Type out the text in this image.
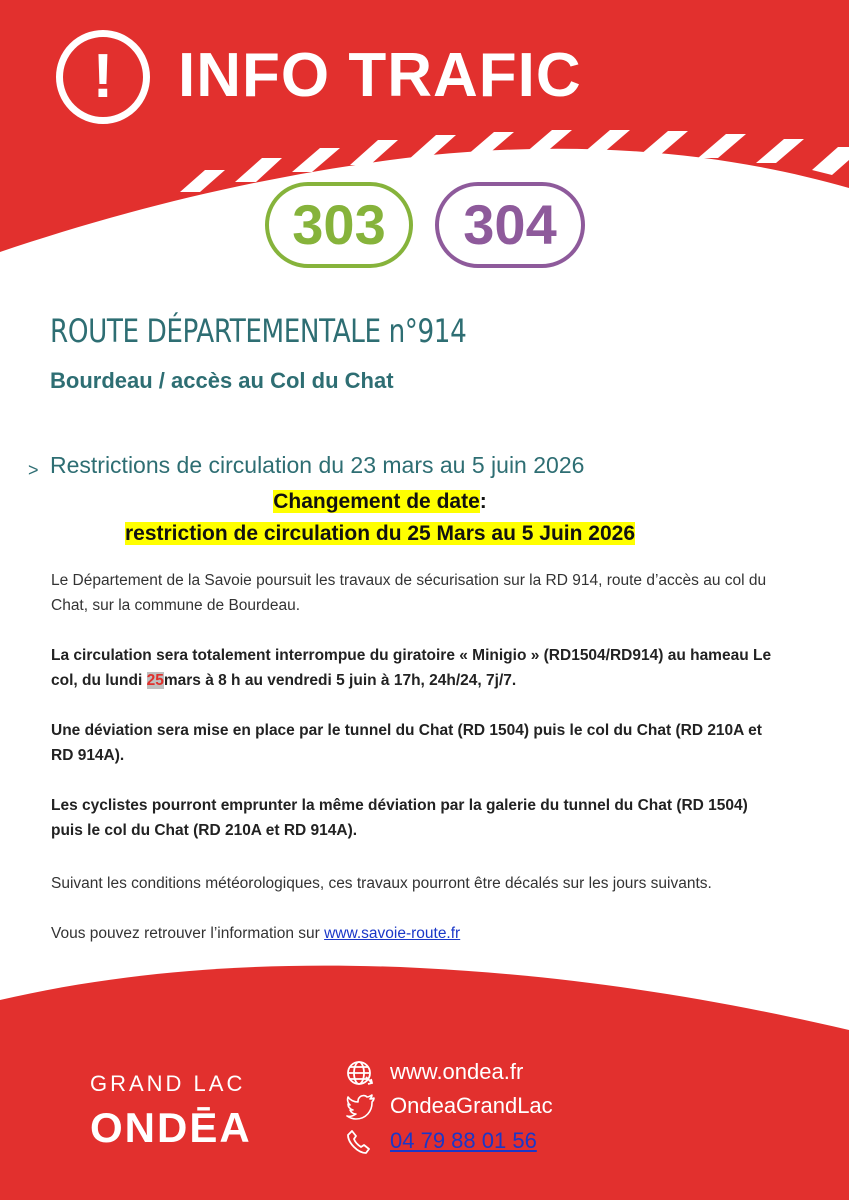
!	INFO TRAFIC
303	304
ROUTE DÉPARTEMENTALE n°914
Bourdeau / accès au Col du Chat
> Restrictions de circulation du 23 mars au 5 juin 2026
Changement de date:
restriction de circulation du 25 Mars au 5 Juin 2026
Le Département de la Savoie poursuit les travaux de sécurisation sur la RD 914, route d’accès au col du Chat, sur la commune de Bourdeau.
La circulation sera totalement interrompue du giratoire « Minigio » (RD1504/RD914) au hameau Le col, du lundi 25mars à 8 h au vendredi 5 juin à 17h, 24h/24, 7j/7.
Une déviation sera mise en place par le tunnel du Chat (RD 1504) puis le col du Chat (RD 210A et RD 914A).
Les cyclistes pourront emprunter la même déviation par la galerie du tunnel du Chat (RD 1504) puis le col du Chat (RD 210A et RD 914A).
Suivant les conditions météorologiques, ces travaux pourront être décalés sur les jours suivants.
Vous pouvez retrouver l’information sur www.savoie-route.fr
GRAND LAC
ONDĒA
www.ondea.fr
OndeaGrandLac
04 79 88 01 56
